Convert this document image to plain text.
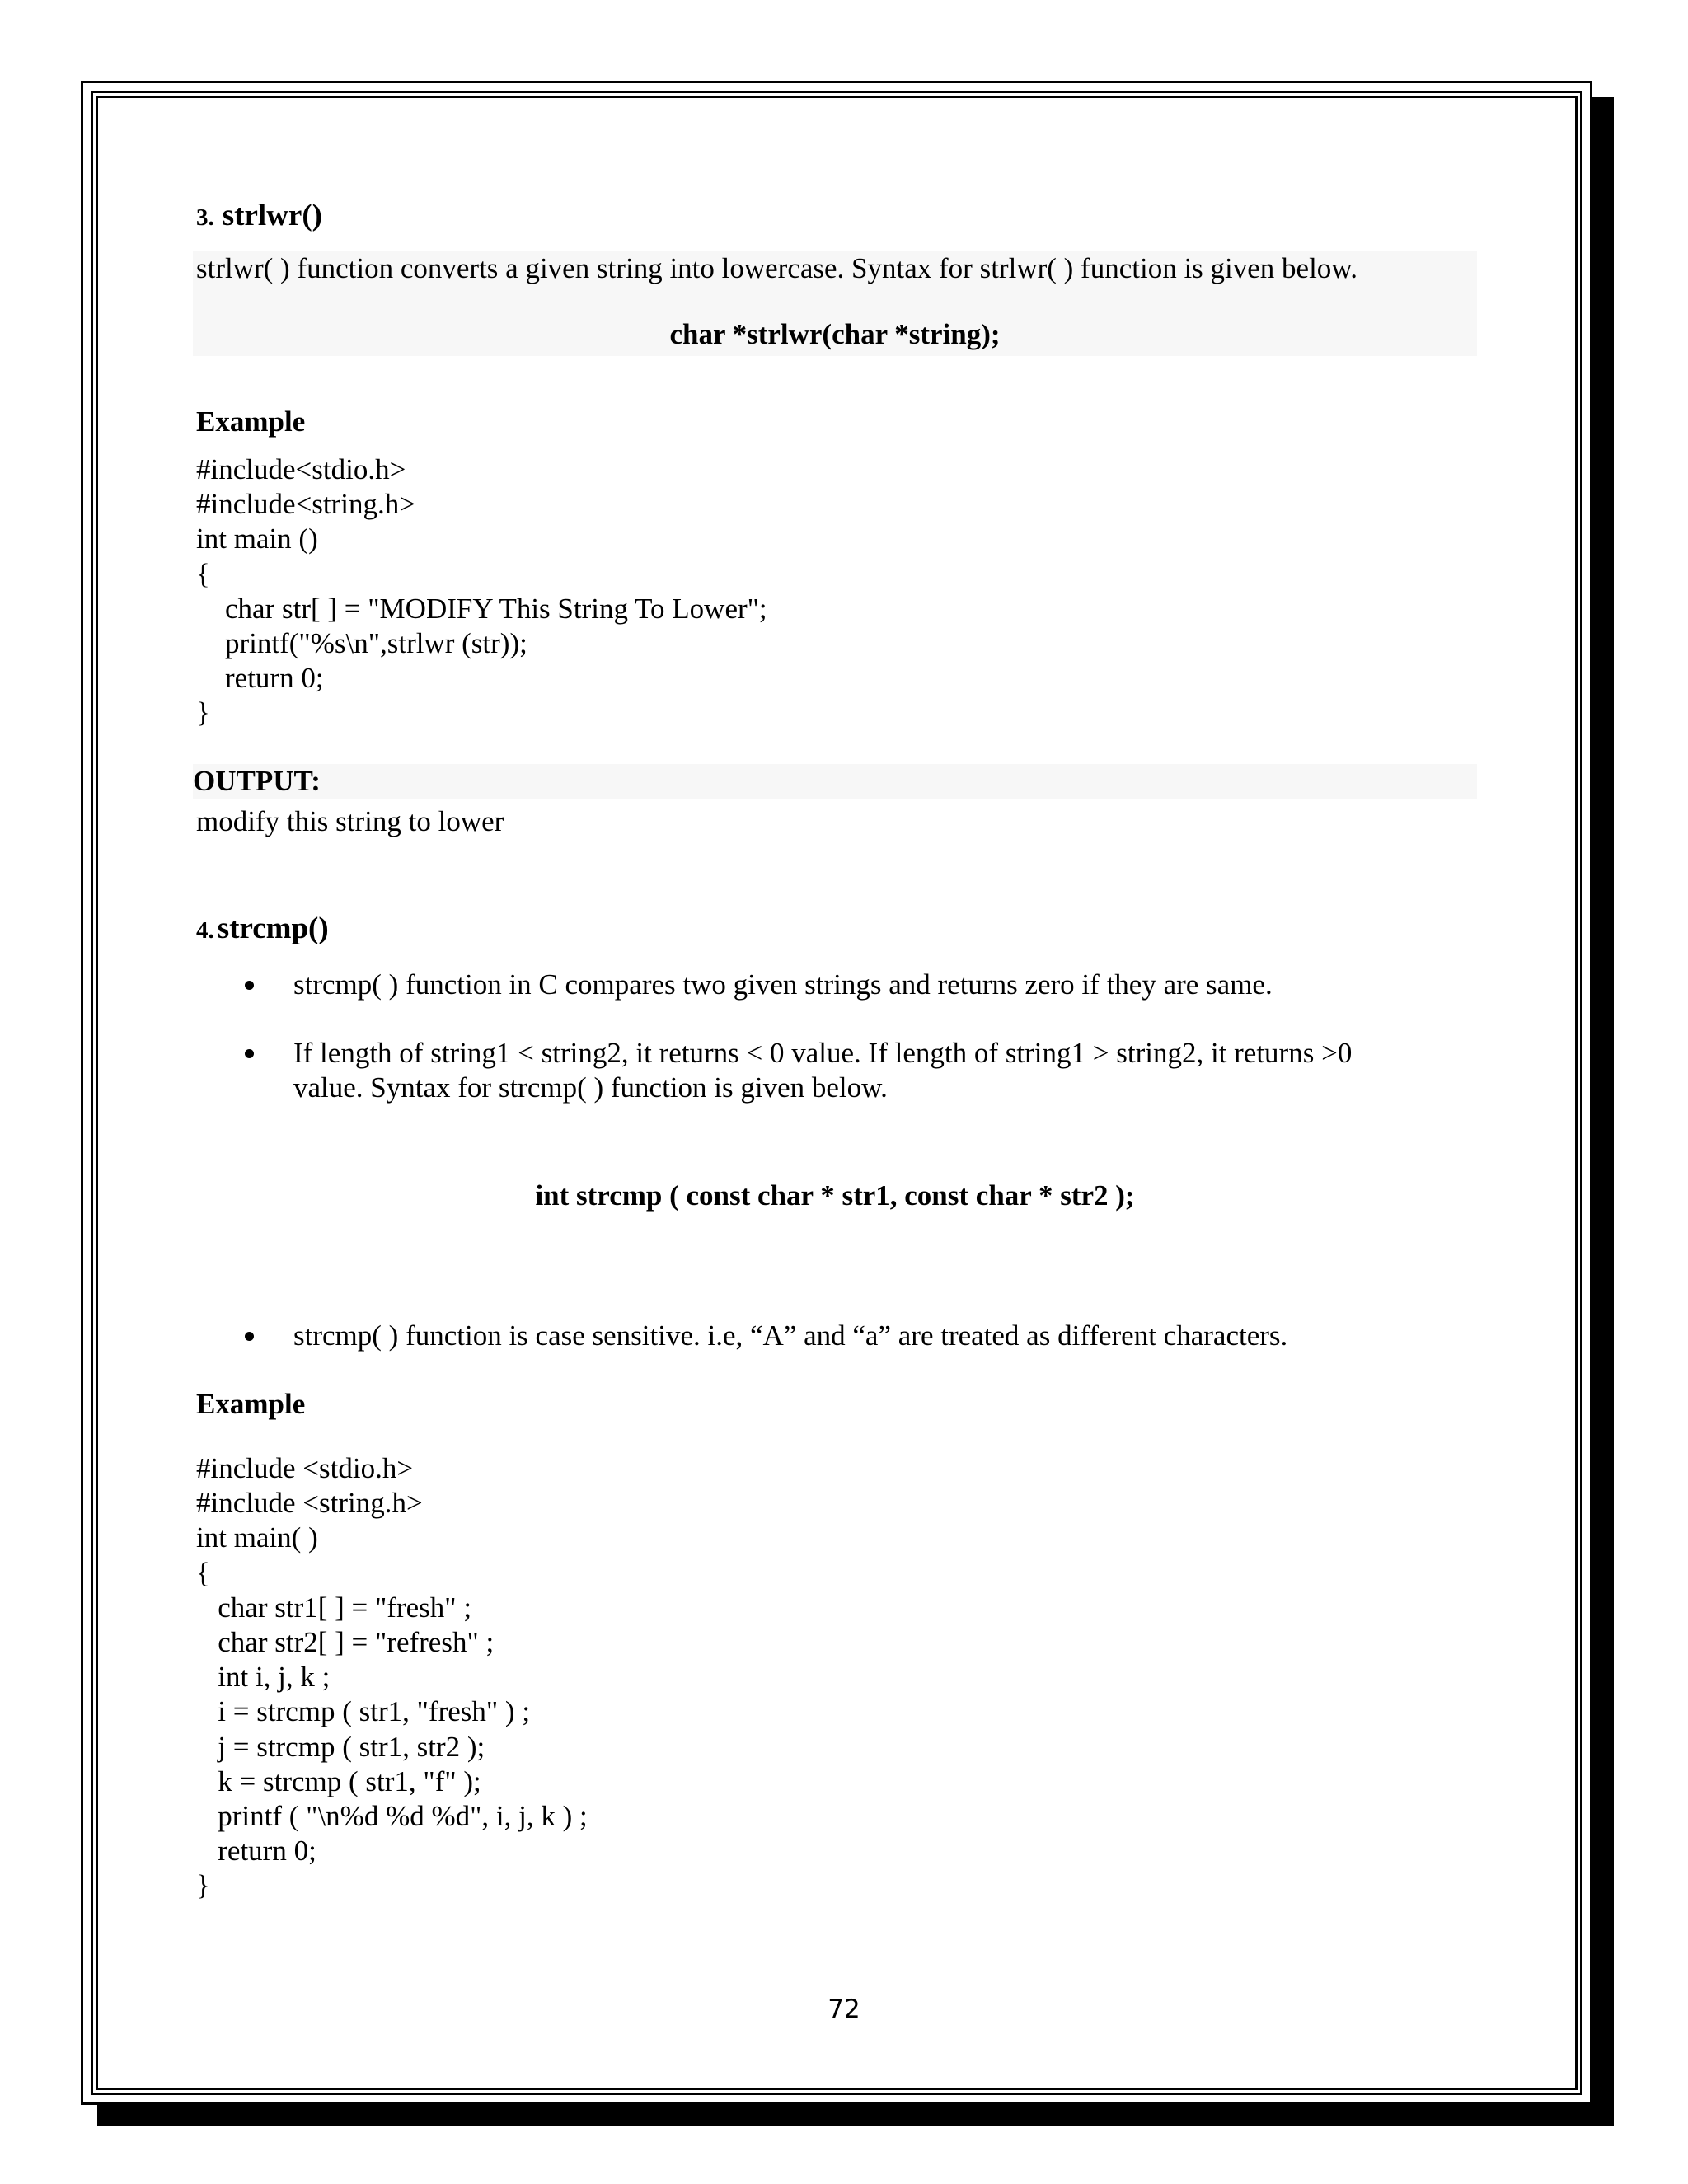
3. strlwr()
strlwr( ) function converts a given string into lowercase. Syntax for strlwr( ) function is given below.
char *strlwr(char *string);
Example
#include<stdio.h>
#include<string.h>
int main ()
{
char str[ ] = "MODIFY This String To Lower";
printf("%s\n",strlwr (str));
return 0;
}
OUTPUT:
modify this string to lower
4. strcmp()
strcmp( ) function in C compares two given strings and returns zero if they are same.
If length of string1 < string2, it returns < 0 value. If length of string1 > string2, it returns >0
value. Syntax for strcmp( ) function is given below.
int strcmp ( const char * str1, const char * str2 );
strcmp( ) function is case sensitive. i.e, “A” and “a” are treated as different characters.
Example
#include <stdio.h>
#include <string.h>
int main( )
{
char str1[ ] = "fresh" ;
char str2[ ] = "refresh" ;
int i, j, k ;
i = strcmp ( str1, "fresh" ) ;
j = strcmp ( str1, str2 );
k = strcmp ( str1, "f" );
printf ( "\n%d %d %d", i, j, k ) ;
return 0;
}
72
